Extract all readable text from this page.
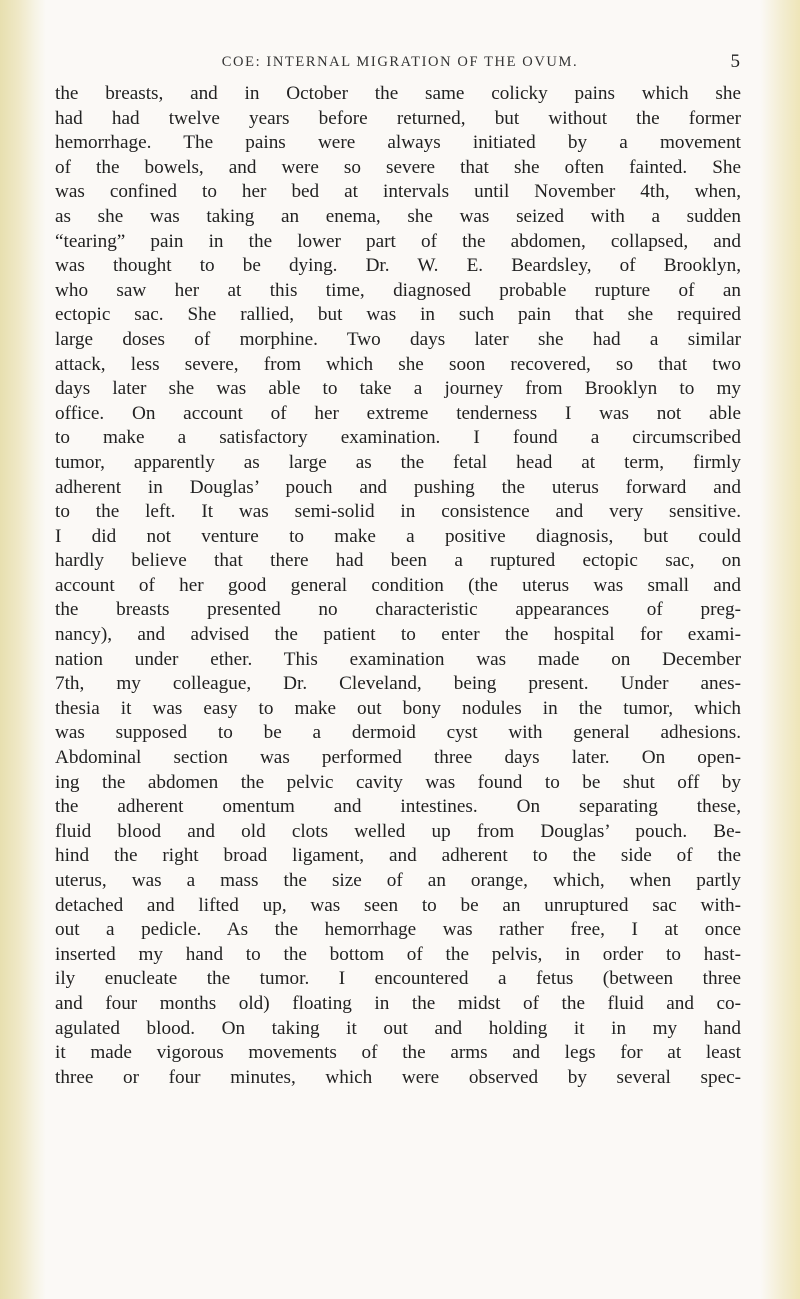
COE: INTERNAL MIGRATION OF THE OVUM.	5
the breasts, and in October the same colicky pains which she
had had twelve years before returned, but without the former
hemorrhage. The pains were always initiated by a movement
of the bowels, and were so severe that she often fainted. She
was confined to her bed at intervals until November 4th, when,
as she was taking an enema, she was seized with a sudden
“tearing” pain in the lower part of the abdomen, collapsed, and
was thought to be dying. Dr. W. E. Beardsley, of Brooklyn,
who saw her at this time, diagnosed probable rupture of an
ectopic sac. She rallied, but was in such pain that she required
large doses of morphine. Two days later she had a similar
attack, less severe, from which she soon recovered, so that two
days later she was able to take a journey from Brooklyn to my
office. On account of her extreme tenderness I was not able
to make a satisfactory examination. I found a circumscribed
tumor, apparently as large as the fetal head at term, firmly
adherent in Douglas’ pouch and pushing the uterus forward and
to the left. It was semi-solid in consistence and very sensitive.
I did not venture to make a positive diagnosis, but could
hardly believe that there had been a ruptured ectopic sac, on
account of her good general condition (the uterus was small and
the breasts presented no characteristic appearances of preg-
nancy), and advised the patient to enter the hospital for exami-
nation under ether. This examination was made on December
7th, my colleague, Dr. Cleveland, being present. Under anes-
thesia it was easy to make out bony nodules in the tumor, which
was supposed to be a dermoid cyst with general adhesions.
Abdominal section was performed three days later. On open-
ing the abdomen the pelvic cavity was found to be shut off by
the adherent omentum and intestines. On separating these,
fluid blood and old clots welled up from Douglas’ pouch. Be-
hind the right broad ligament, and adherent to the side of the
uterus, was a mass the size of an orange, which, when partly
detached and lifted up, was seen to be an unruptured sac with-
out a pedicle. As the hemorrhage was rather free, I at once
inserted my hand to the bottom of the pelvis, in order to hast-
ily enucleate the tumor. I encountered a fetus (between three
and four months old) floating in the midst of the fluid and co-
agulated blood. On taking it out and holding it in my hand
it made vigorous movements of the arms and legs for at least
three or four minutes, which were observed by several spec-
